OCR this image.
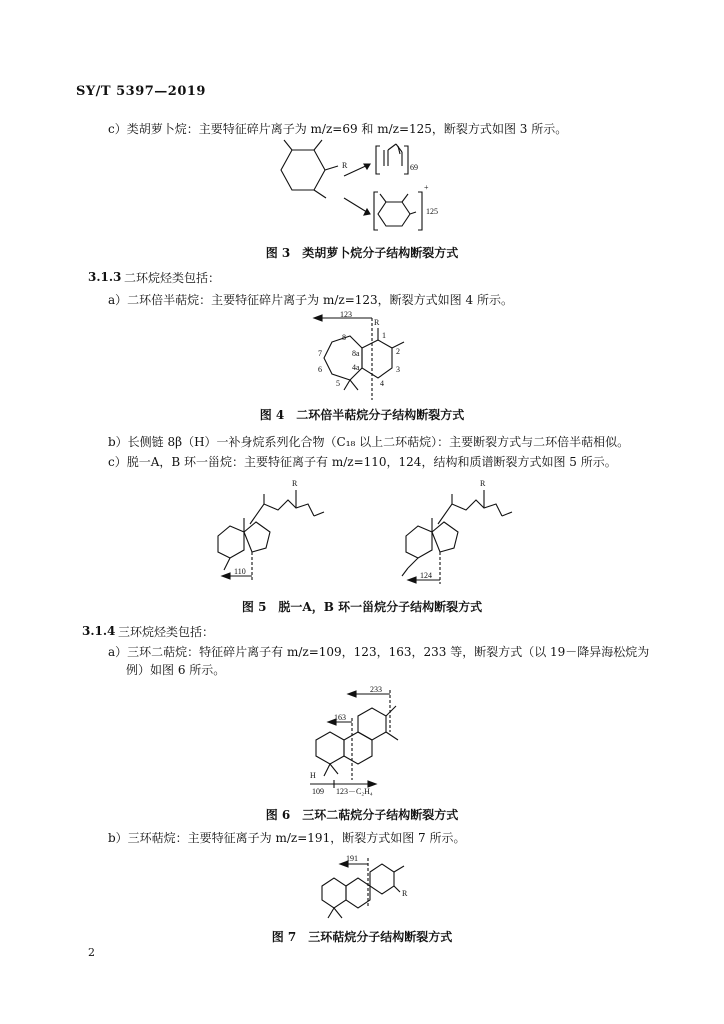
SY/T 5397—2019
c）类胡萝卜烷：主要特征碎片离子为 m/z=69 和 m/z=125，断裂方式如图 3 所示。
R	69
+
125
图 3　类胡萝卜烷分子结构断裂方式
3.1.3 二环烷烃类包括：
a）二环倍半萜烷：主要特征碎片离子为 m/z=123，断裂方式如图 4 所示。
123
R
8
8a
4a
7
6
5	4
3
2
1
图 4　二环倍半萜烷分子结构断裂方式
b）长侧链 8β（H）一补身烷系列化合物（C₁₈ 以上二环萜烷）：主要断裂方式与二环倍半萜相似。
c）脱一A，B 环一甾烷：主要特征离子有 m/z=110，124，结构和质谱断裂方式如图 5 所示。
R
110
R
124
图 5　脱一A，B 环一甾烷分子结构断裂方式
3.1.4 三环烷烃类包括：
a）三环二萜烷：特征碎片离子有 m/z=109，123，163，233 等，断裂方式（以 19－降异海松烷为
例）如图 6 所示。
233
163
H
109 123－C₂H₄
图 6　三环二萜烷分子结构断裂方式
b）三环萜烷：主要特征离子为 m/z=191，断裂方式如图 7 所示。
191
R
图 7　三环萜烷分子结构断裂方式
2
